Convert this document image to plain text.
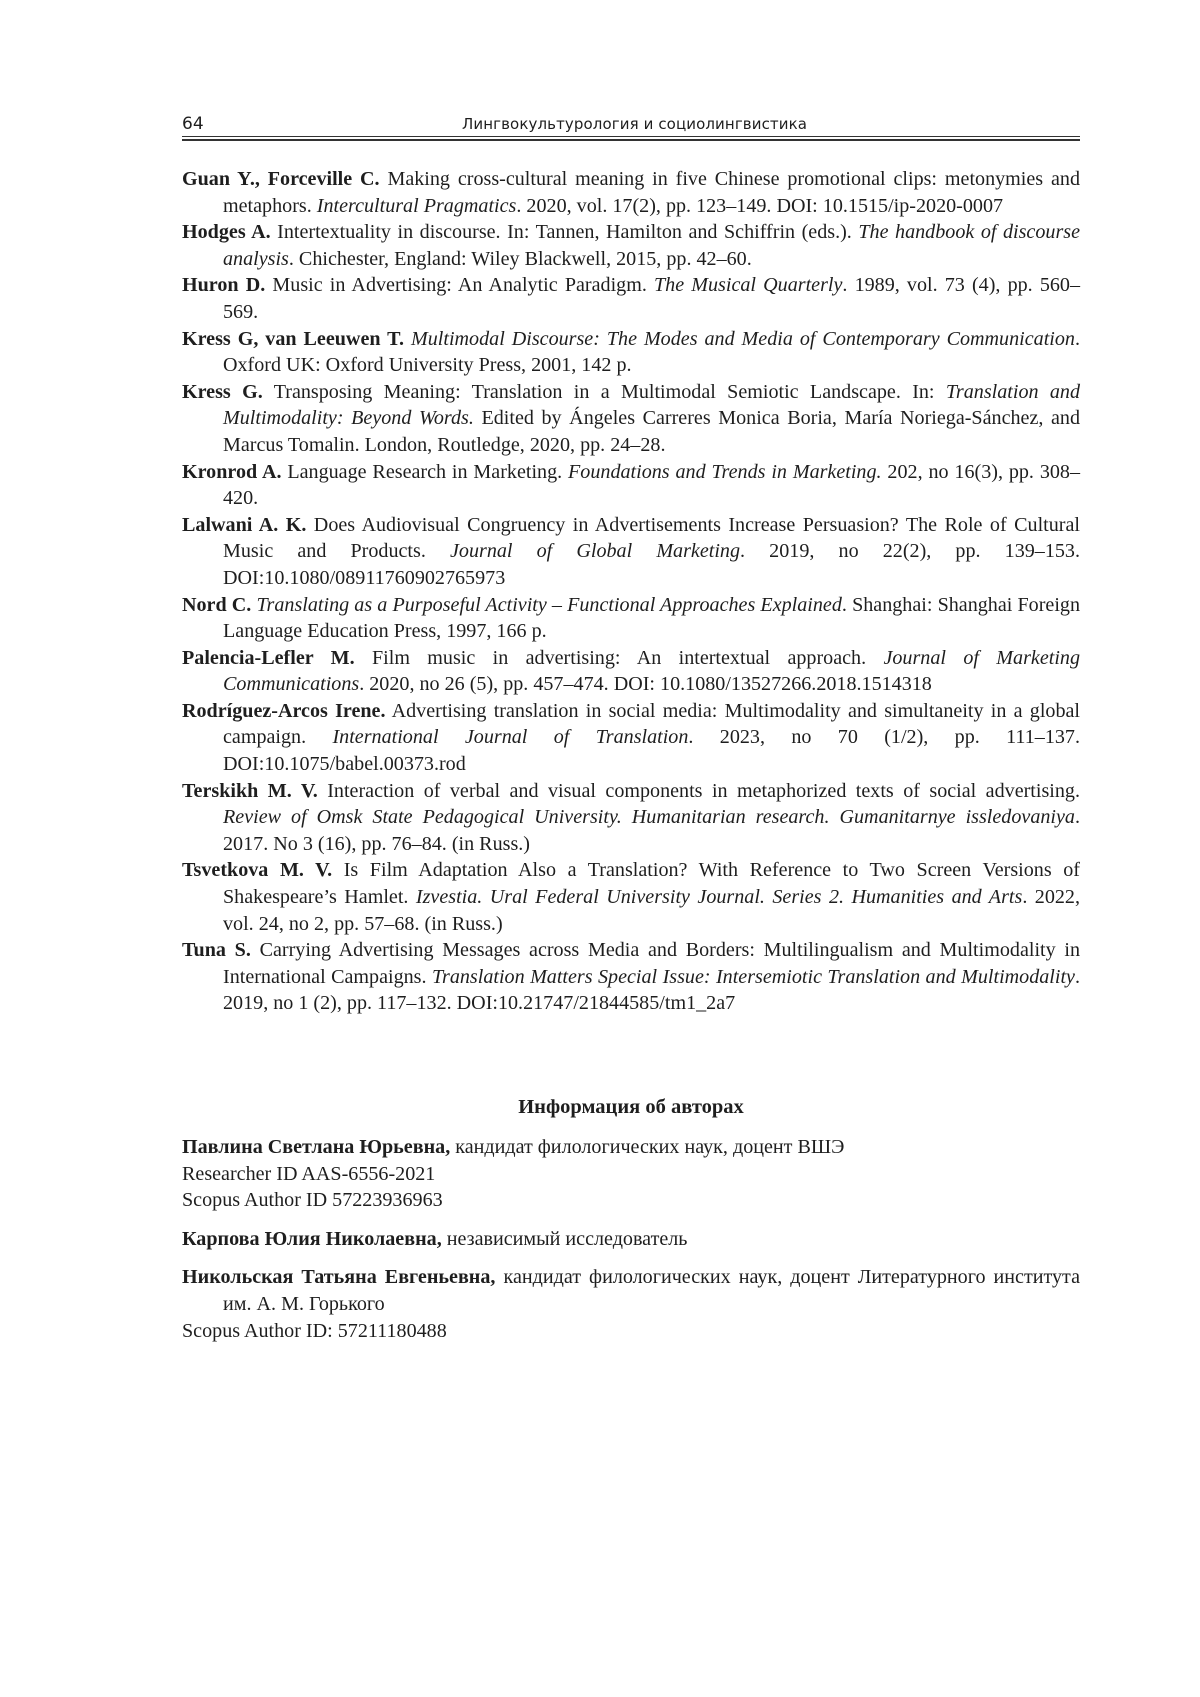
64	Лингвокультурология и социолингвистика

Guan Y., Forceville C. Making cross-cultural meaning in five Chinese promotional clips: metonymies and metaphors. Intercultural Pragmatics. 2020, vol. 17(2), pp. 123–149. DOI: 10.1515/ip-2020-0007

Hodges A. Intertextuality in discourse. In: Tannen, Hamilton and Schiffrin (eds.). The handbook of discourse analysis. Chichester, England: Wiley Blackwell, 2015, pp. 42–60.

Huron D. Music in Advertising: An Analytic Paradigm. The Musical Quarterly. 1989, vol. 73 (4), pp. 560–569.

Kress G, van Leeuwen T. Multimodal Discourse: The Modes and Media of Contemporary Communication. Oxford UK: Oxford University Press, 2001, 142 p.

Kress G. Transposing Meaning: Translation in a Multimodal Semiotic Landscape. In: Translation and Multimodality: Beyond Words. Edited by Ángeles Carreres Monica Boria, María Noriega-Sánchez, and Marcus Tomalin. London, Routledge, 2020, pp. 24–28.

Kronrod A. Language Research in Marketing. Foundations and Trends in Marketing. 202, no 16(3), pp. 308–420.

Lalwani A. K. Does Audiovisual Congruency in Advertisements Increase Persuasion? The Role of Cultural Music and Products. Journal of Global Marketing. 2019, no 22(2), pp. 139–153. DOI:10.1080/08911760902765973

Nord C. Translating as a Purposeful Activity – Functional Approaches Explained. Shanghai: Shanghai Foreign Language Education Press, 1997, 166 p.

Palencia-Lefler M. Film music in advertising: An intertextual approach. Journal of Marketing Communications. 2020, no 26 (5), pp. 457–474. DOI: 10.1080/13527266.2018.1514318

Rodríguez-Arcos Irene. Advertising translation in social media: Multimodality and simultaneity in a global campaign. International Journal of Translation. 2023, no 70 (1/2), pp. 111–137. DOI:10.1075/babel.00373.rod

Terskikh M. V. Interaction of verbal and visual components in metaphorized texts of social advertising. Review of Omsk State Pedagogical University. Humanitarian research. Gumanitarnye issledovaniya. 2017. No 3 (16), pp. 76–84. (in Russ.)

Tsvetkova M. V. Is Film Adaptation Also a Translation? With Reference to Two Screen Versions of Shakespeare’s Hamlet. Izvestia. Ural Federal University Journal. Series 2. Humanities and Arts. 2022, vol. 24, no 2, pp. 57–68. (in Russ.)

Tuna S. Carrying Advertising Messages across Media and Borders: Multilingualism and Multimodality in International Campaigns. Translation Matters Special Issue: Intersemiotic Translation and Multimodality. 2019, no 1 (2), pp. 117–132. DOI:10.21747/21844585/tm1_2a7

Информация об авторах

Павлина Светлана Юрьевна, кандидат филологических наук, доцент ВШЭ
Researcher ID AAS-6556-2021
Scopus Author ID 57223936963

Карпова Юлия Николаевна, независимый исследователь

Никольская Татьяна Евгеньевна, кандидат филологических наук, доцент Литературного института им. А. М. Горького
Scopus Author ID: 57211180488
